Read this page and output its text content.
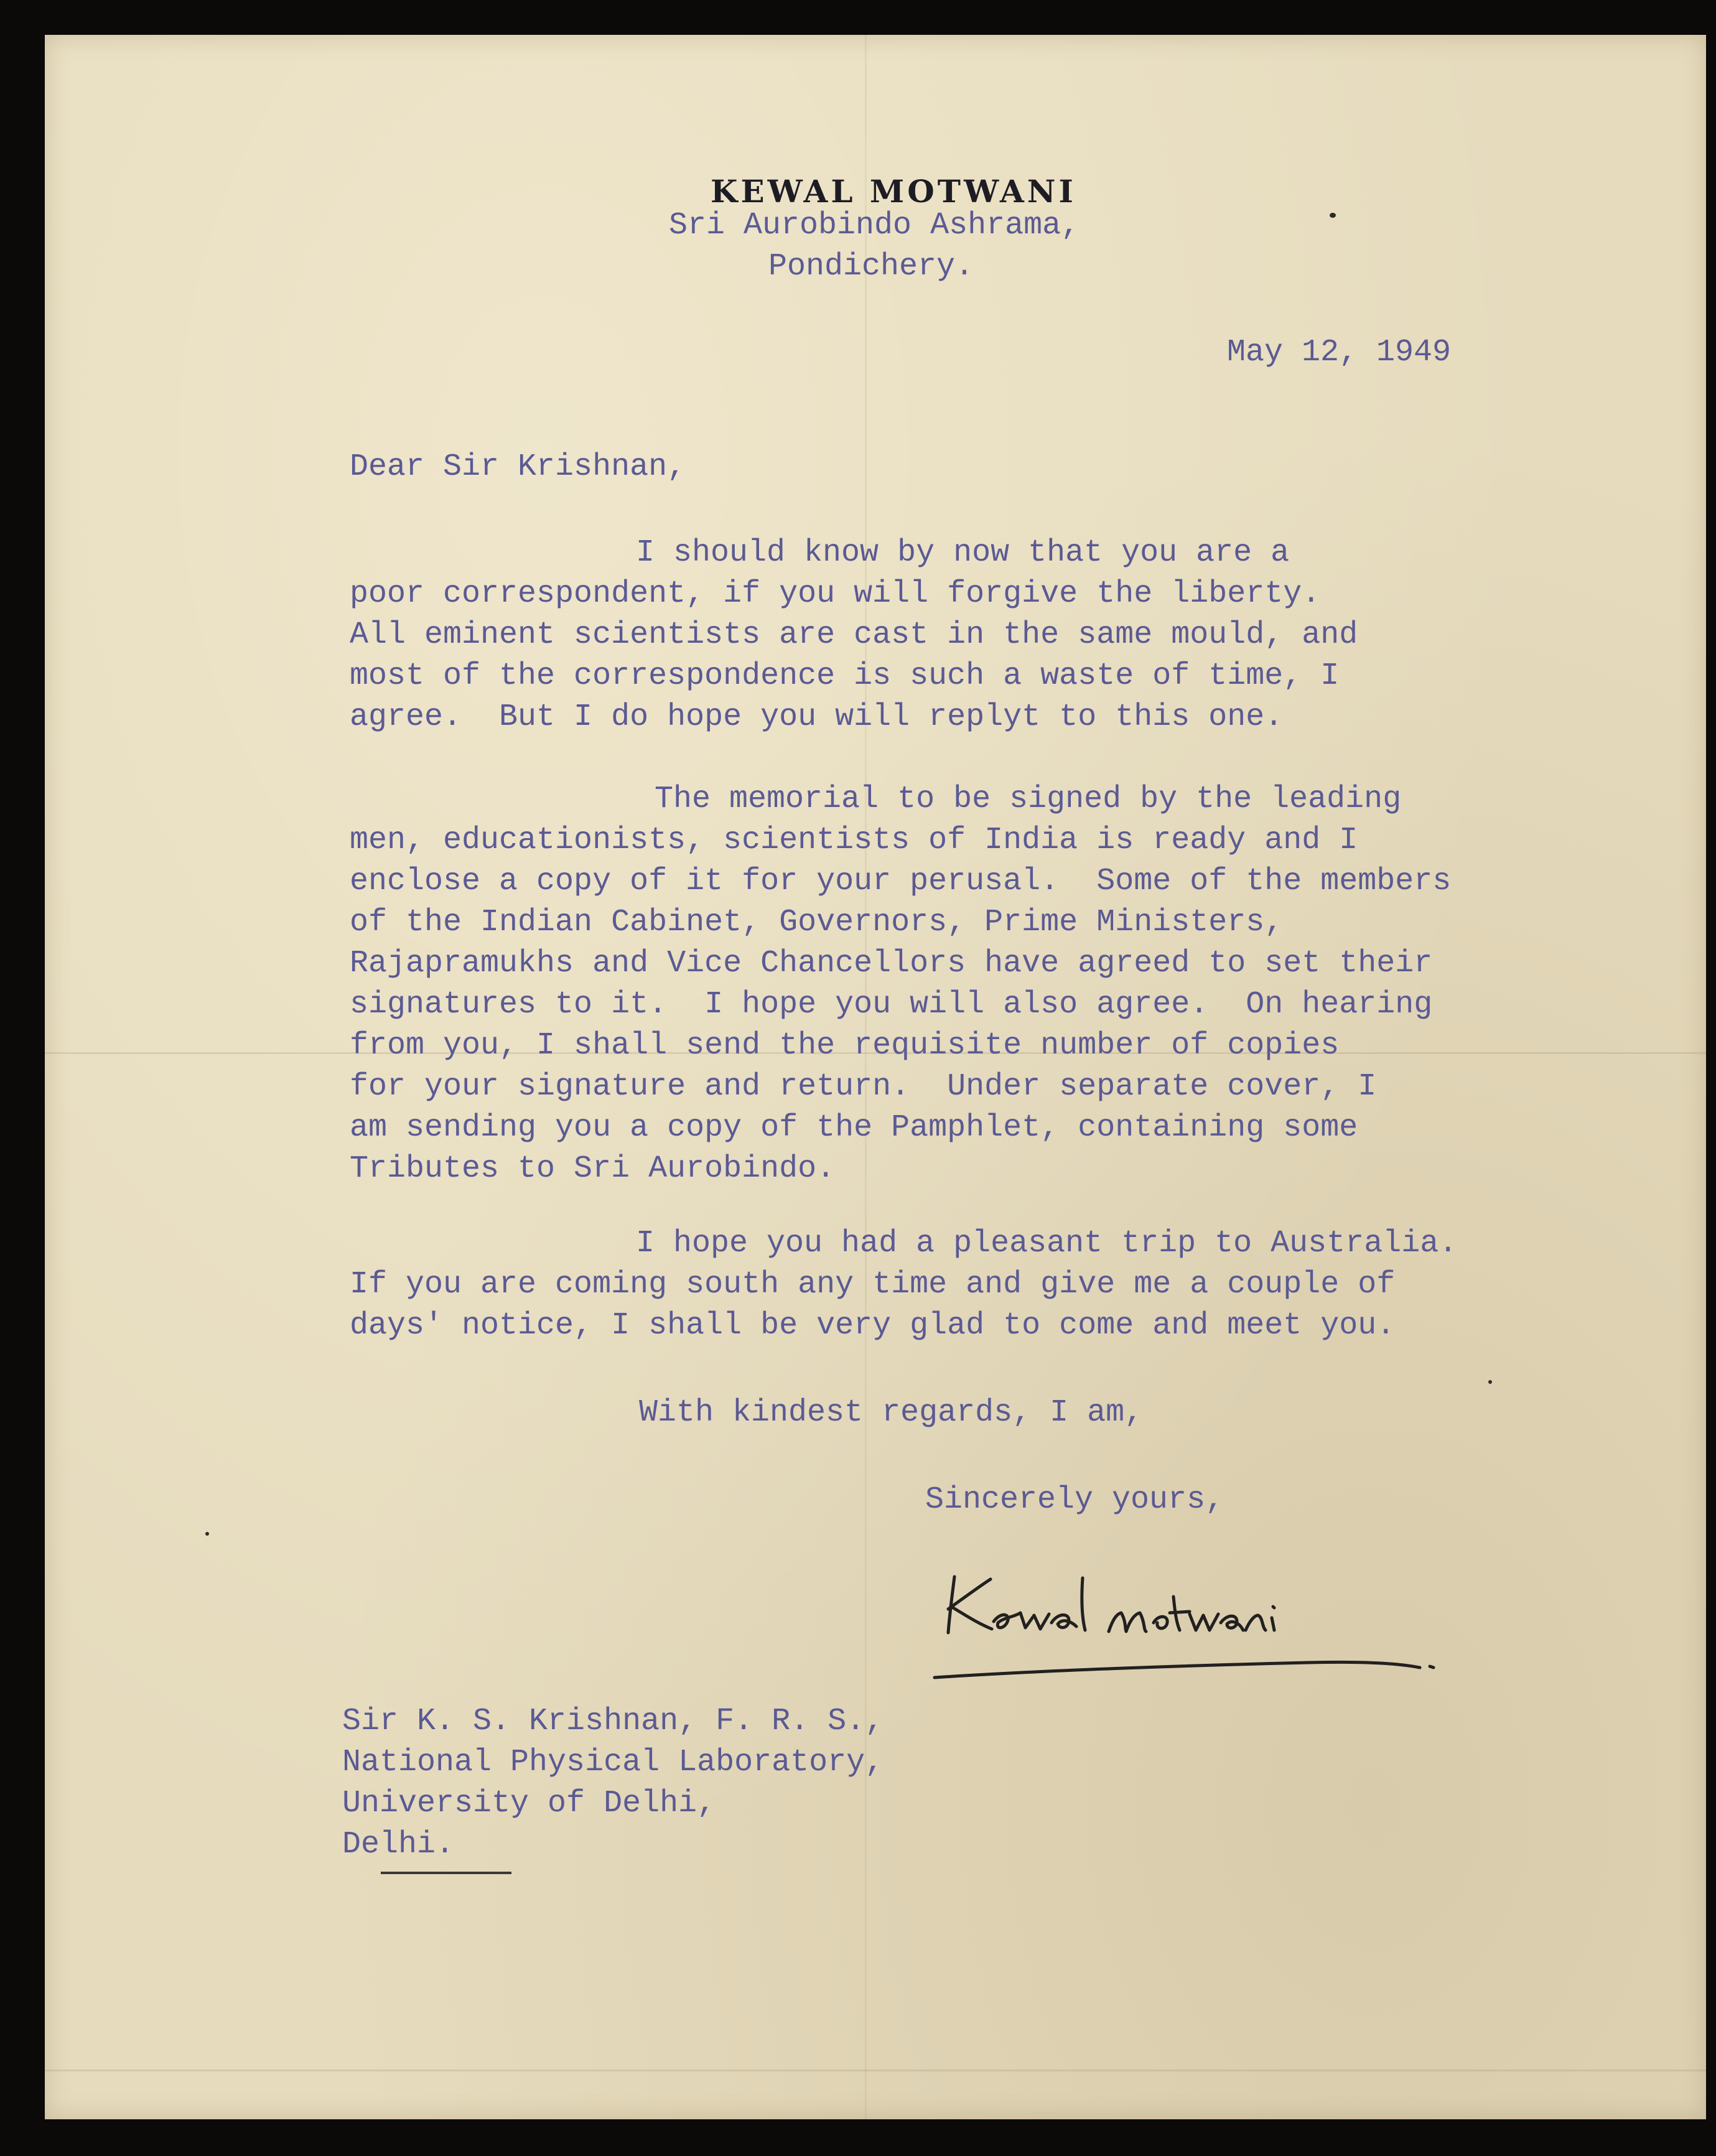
KEWAL MOTWANI

Sri Aurobindo Ashrama,

Pondichery.

May 12, 1949

Dear Sir Krishnan,

I should know by now that you are a
poor correspondent, if you will forgive the liberty.
All eminent scientists are cast in the same mould, and
most of the correspondence is such a waste of time, I
agree.  But I do hope you will replyt to this one.
The memorial to be signed by the leading
men, educationists, scientists of India is ready and I
enclose a copy of it for your perusal.  Some of the members
of the Indian Cabinet, Governors, Prime Ministers,
Rajapramukhs and Vice Chancellors have agreed to set their
signatures to it.  I hope you will also agree.  On hearing
from you, I shall send the requisite number of copies
for your signature and return.  Under separate cover, I
am sending you a copy of the Pamphlet, containing some
Tributes to Sri Aurobindo.
I hope you had a pleasant trip to Australia.
If you are coming south any time and give me a couple of
days' notice, I shall be very glad to come and meet you.

With kindest regards, I am,

Sincerely yours,

Sir K. S. Krishnan, F. R. S.,

National Physical Laboratory,

University of Delhi,

Delhi.
